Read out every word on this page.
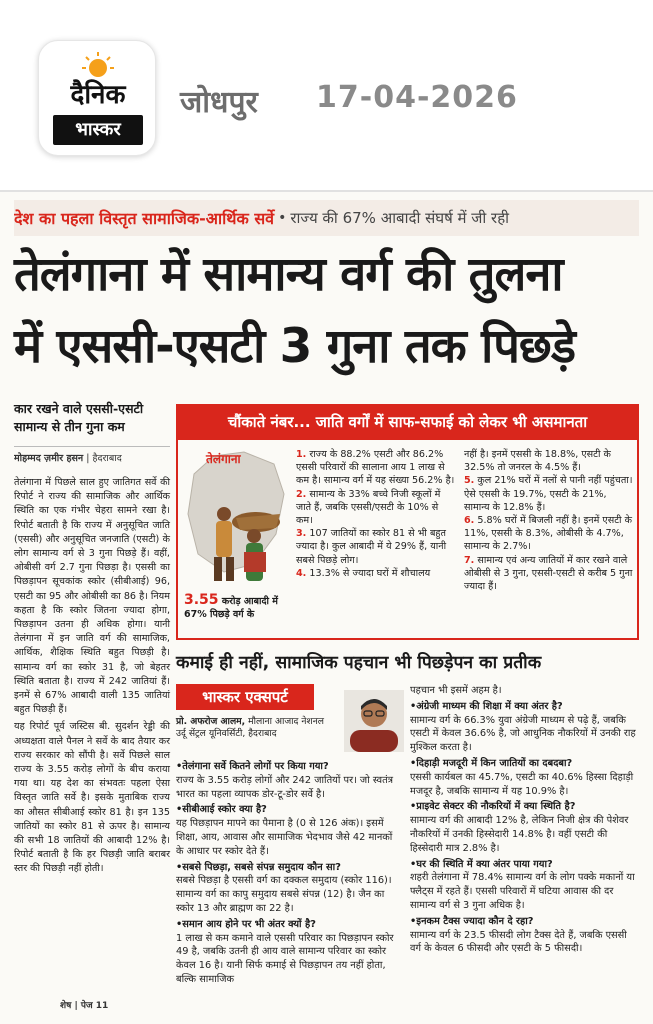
दैनिक
भास्कर
जोधपुर 17-04-2026
देश का पहला विस्तृत सामाजिक-आर्थिक सर्वे • राज्य की 67% आबादी संघर्ष में जी रही
तेलंगाना में सामान्य वर्ग की तुलना
में एससी-एसटी 3 गुना तक पिछड़े
कार रखने वाले एससी-एसटी सामान्य से तीन गुना कम
मोहम्मद ज़मीर हसन | हैदराबाद

तेलंगाना में पिछले साल हुए जातिगत सर्वे की रिपोर्ट ने राज्य की सामाजिक और आर्थिक स्थिति का एक गंभीर चेहरा सामने रखा है। रिपोर्ट बताती है कि राज्य में अनुसूचित जाति (एससी) और अनुसूचित जनजाति (एसटी) के लोग सामान्य वर्ग से 3 गुना पिछड़े हैं। वहीं, ओबीसी वर्ग 2.7 गुना पिछड़ा है। एससी का पिछड़ापन सूचकांक स्कोर (सीबीआई) 96, एसटी का 95 और ओबीसी का 86 है। नियम कहता है कि स्कोर जितना ज्यादा होगा, पिछड़ापन उतना ही अधिक होगा। यानी तेलंगाना में इन जाति वर्ग की सामाजिक, आर्थिक, शैक्षिक स्थिति बहुत पिछड़ी है। सामान्य वर्ग का स्कोर 31 है, जो बेहतर स्थिति बताता है। राज्य में 242 जातियां हैं। इनमें से 67% आबादी वाली 135 जातियां बहुत पिछड़ी हैं।

यह रिपोर्ट पूर्व जस्टिस बी. सुदर्शन रेड्डी की अध्यक्षता वाले पैनल ने सर्वे के बाद तैयार कर राज्य सरकार को सौंपी है। सर्वे पिछले साल राज्य के 3.55 करोड़ लोगों के बीच कराया गया था। यह देश का संभवतः पहला ऐसा विस्तृत जाति सर्वे है। इसके मुताबिक राज्य का औसत सीबीआई स्कोर 81 है। इन 135 जातियों का स्कोर 81 से ऊपर है। सामान्य की सभी 18 जातियों की आबादी 12% है। रिपोर्ट बताती है कि हर पिछड़ी जाति बराबर स्तर की पिछड़ी नहीं होती।

शेष | पेज 11
चौंकाते नंबर... जाति वर्गों में साफ-सफाई को लेकर भी असमानता
तेलंगाना
3.55 करोड़ आबादी में 67% पिछड़े वर्ग के
1. राज्य के 88.2% एसटी और 86.2% एससी परिवारों की सालाना आय 1 लाख से कम है। सामान्य वर्ग में यह संख्या 56.2% है।
2. सामान्य के 33% बच्चे निजी स्कूलों में जाते हैं, जबकि एससी/एसटी के 10% से कम।
3. 107 जातियों का स्कोर 81 से भी बहुत ज्यादा है। कुल आबादी में ये 29% हैं, यानी सबसे पिछड़े लोग।
4. 13.3% से ज्यादा घरों में शौचालय
नहीं है। इनमें एससी के 18.8%, एसटी के 32.5% तो जनरल के 4.5% हैं।
5. कुल 21% घरों में नलों से पानी नहीं पहुंचता। ऐसे एससी के 19.7%, एसटी के 21%, सामान्य के 12.8% हैं।
6. 5.8% घरों में बिजली नहीं है। इनमें एसटी के 11%, एससी के 8.3%, ओबीसी के 4.7%, सामान्य के 2.7%।
7. सामान्य एवं अन्य जातियों में कार रखने वाले ओबीसी से 3 गुना, एससी-एसटी से करीब 5 गुना ज्यादा हैं।
कमाई ही नहीं, सामाजिक पहचान भी पिछड़ेपन का प्रतीक
भास्कर एक्सपर्ट
प्रो. अफरोज आलम, मौलाना आजाद नेशनल उर्दू सेंट्रल यूनिवर्सिटी, हैदराबाद
• तेलंगाना सर्वे कितने लोगों पर किया गया?
राज्य के 3.55 करोड़ लोगों और 242 जातियों पर। जो स्वतंत्र भारत का पहला व्यापक डोर-टू-डोर सर्वे है।
• सीबीआई स्कोर क्या है?
यह पिछड़ापन मापने का पैमाना है (0 से 126 अंक)। इसमें शिक्षा, आय, आवास और सामाजिक भेदभाव जैसे 42 मानकों के आधार पर स्कोर देते हैं।
• सबसे पिछड़ा, सबसे संपन्न समुदाय कौन सा?
सबसे पिछड़ा है एससी वर्ग का दक्कल समुदाय (स्कोर 116)। सामान्य वर्ग का कापु समुदाय सबसे संपन्न (12) है। जैन का स्कोर 13 और ब्राह्मण का 22 है।
• समान आय होने पर भी अंतर क्यों है?
1 लाख से कम कमाने वाले एससी परिवार का पिछड़ापन स्कोर 49 है, जबकि उतनी ही आय वाले सामान्य परिवार का स्कोर केवल 16 है। यानी सिर्फ कमाई से पिछड़ापन तय नहीं होता, बल्कि सामाजिक
पहचान भी इसमें अहम है।
• अंग्रेजी माध्यम की शिक्षा में क्या अंतर है?
सामान्य वर्ग के 66.3% युवा अंग्रेजी माध्यम से पढ़े हैं, जबकि एसटी में केवल 36.6% है, जो आधुनिक नौकरियों में उनकी राह मुश्किल करता है।
• दिहाड़ी मजदूरी में किन जातियों का दबदबा?
एससी कार्यबल का 45.7%, एसटी का 40.6% हिस्सा दिहाड़ी मजदूर है, जबकि सामान्य में यह 10.9% है।
• प्राइवेट सेक्टर की नौकरियों में क्या स्थिति है?
सामान्य वर्ग की आबादी 12% है, लेकिन निजी क्षेत्र की पेशेवर नौकरियों में उनकी हिस्सेदारी 14.8% है। वहीं एसटी की हिस्सेदारी मात्र 2.8% है।
• घर की स्थिति में क्या अंतर पाया गया?
शहरी तेलंगाना में 78.4% सामान्य वर्ग के लोग पक्के मकानों या फ्लैट्स में रहते हैं। एससी परिवारों में घटिया आवास की दर सामान्य वर्ग से 3 गुना अधिक है।
• इनकम टैक्स ज्यादा कौन दे रहा?
सामान्य वर्ग के 23.5 फीसदी लोग टैक्स देते हैं, जबकि एससी वर्ग के केवल 6 फीसदी और एसटी के 5 फीसदी।
